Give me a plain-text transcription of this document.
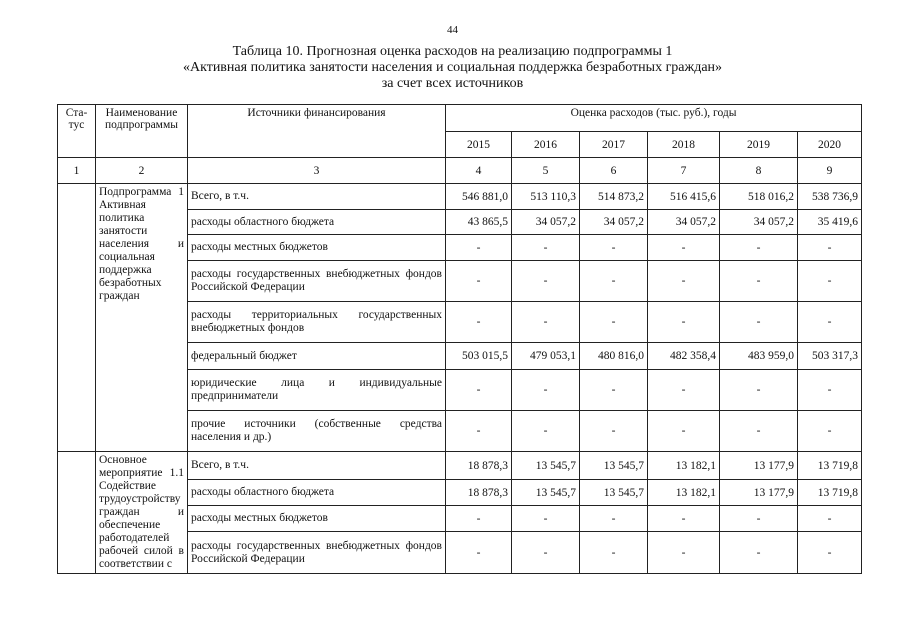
44
Таблица 10. Прогнозная оценка расходов на реализацию подпрограммы 1
«Активная политика занятости населения и социальная поддержка безработных граждан»
за счет всех источников
Ста-тус	Наименование подпрограммы	Источники финансирования	Оценка расходов (тыс. руб.), годы					
			2015	2016	2017	2018	2019	2020
1	2	3	4	5	6	7	8	9
	Подпрограмма 1 Активная политика занятости населения и социальная поддержка безработных граждан	Всего, в т.ч.	546 881,0	513 110,3	514 873,2	516 415,6	518 016,2	538 736,9
		расходы областного бюджета	43 865,5	34 057,2	34 057,2	34 057,2	34 057,2	35 419,6
		расходы местных бюджетов	-	-	-	-	-	-
		расходы государственных внебюджетных фондов Российской Федерации	-	-	-	-	-	-
		расходы территориальных государственных внебюджетных фондов	-	-	-	-	-	-
		федеральный бюджет	503 015,5	479 053,1	480 816,0	482 358,4	483 959,0	503 317,3
		юридические лица и индивидуальные предприниматели	-	-	-	-	-	-
		прочие источники (собственные средства населения и др.)	-	-	-	-	-	-
	Основное мероприятие 1.1 Содействие трудоустройству граждан и обеспечение работодателей рабочей силой в соответствии с	Всего, в т.ч.	18 878,3	13 545,7	13 545,7	13 182,1	13 177,9	13 719,8
		расходы областного бюджета	18 878,3	13 545,7	13 545,7	13 182,1	13 177,9	13 719,8
		расходы местных бюджетов	-	-	-	-	-	-
		расходы государственных внебюджетных фондов Российской Федерации	-	-	-	-	-	-
